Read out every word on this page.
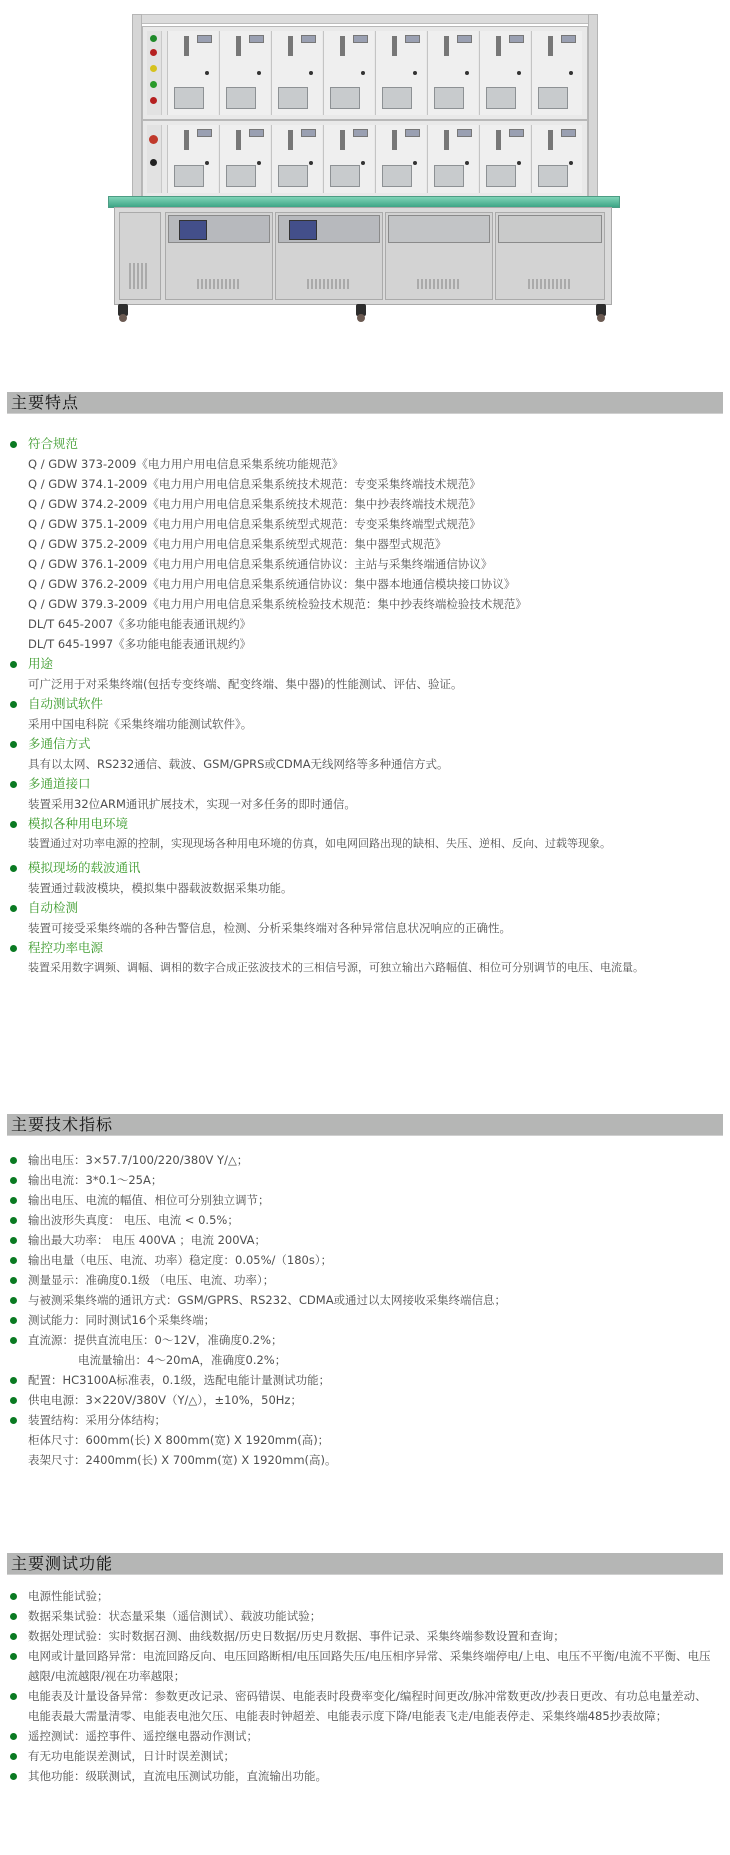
主要特点
符合规范
Q / GDW 373-2009《电力用户用电信息采集系统功能规范》
Q / GDW 374.1-2009《电力用户用电信息采集系统技术规范：专变采集终端技术规范》
Q / GDW 374.2-2009《电力用户用电信息采集系统技术规范：集中抄表终端技术规范》
Q / GDW 375.1-2009《电力用户用电信息采集系统型式规范：专变采集终端型式规范》
Q / GDW 375.2-2009《电力用户用电信息采集系统型式规范：集中器型式规范》
Q / GDW 376.1-2009《电力用户用电信息采集系统通信协议：主站与采集终端通信协议》
Q / GDW 376.2-2009《电力用户用电信息采集系统通信协议：集中器本地通信模块接口协议》
Q / GDW 379.3-2009《电力用户用电信息采集系统检验技术规范：集中抄表终端检验技术规范》
DL/T 645-2007《多功能电能表通讯规约》
DL/T 645-1997《多功能电能表通讯规约》
用途
可广泛用于对采集终端(包括专变终端、配变终端、集中器)的性能测试、评估、验证。
自动测试软件
采用中国电科院《采集终端功能测试软件》。
多通信方式
具有以太网、RS232通信、载波、GSM/GPRS或CDMA无线网络等多种通信方式。
多通道接口
装置采用32位ARM通讯扩展技术，实现一对多任务的即时通信。
模拟各种用电环境
装置通过对功率电源的控制，实现现场各种用电环境的仿真，如电网回路出现的缺相、失压、逆相、反向、过载等现象。
模拟现场的载波通讯
装置通过载波模块，模拟集中器载波数据采集功能。
自动检测
装置可接受采集终端的各种告警信息，检测、分析采集终端对各种异常信息状况响应的正确性。
程控功率电源
装置采用数字调频、调幅、调相的数字合成正弦波技术的三相信号源，可独立输出六路幅值、相位可分别调节的电压、电流量。
主要技术指标
输出电压：3×57.7/100/220/380V Y/△；
输出电流：3*0.1～25A；
输出电压、电流的幅值、相位可分别独立调节；
输出波形失真度： 电压、电流 < 0.5%；
输出最大功率： 电压 400VA ；电流 200VA；
输出电量（电压、电流、功率）稳定度：0.05%/（180s）；
测量显示：准确度0.1级 （电压、电流、功率）；
与被测采集终端的通讯方式：GSM/GPRS、RS232、CDMA或通过以太网接收采集终端信息；
测试能力：同时测试16个采集终端；
直流源：提供直流电压：0～12V，准确度0.2%；
电流量输出：4～20mA，准确度0.2%；
配置：HC3100A标准表，0.1级，选配电能计量测试功能；
供电电源：3×220V/380V（Y/△），±10%，50Hz；
装置结构：采用分体结构；
柜体尺寸：600mm(长) X 800mm(宽) X 1920mm(高)；
表架尺寸：2400mm(长) X 700mm(宽) X 1920mm(高)。
主要测试功能
电源性能试验；
数据采集试验：状态量采集（遥信测试）、载波功能试验；
数据处理试验：实时数据召测、曲线数据/历史日数据/历史月数据、事件记录、采集终端参数设置和查询；
电网或计量回路异常：电流回路反向、电压回路断相/电压回路失压/电压相序异常、采集终端停电/上电、电压不平衡/电流不平衡、电压越限/电流越限/视在功率越限；
电能表及计量设备异常：参数更改记录、密码错误、电能表时段费率变化/编程时间更改/脉冲常数更改/抄表日更改、有功总电量差动、电能表最大需量清零、电能表电池欠压、电能表时钟超差、电能表示度下降/电能表飞走/电能表停走、采集终端485抄表故障；
遥控测试：遥控事件、遥控继电器动作测试；
有无功电能误差测试，日计时误差测试；
其他功能：级联测试，直流电压测试功能，直流输出功能。
